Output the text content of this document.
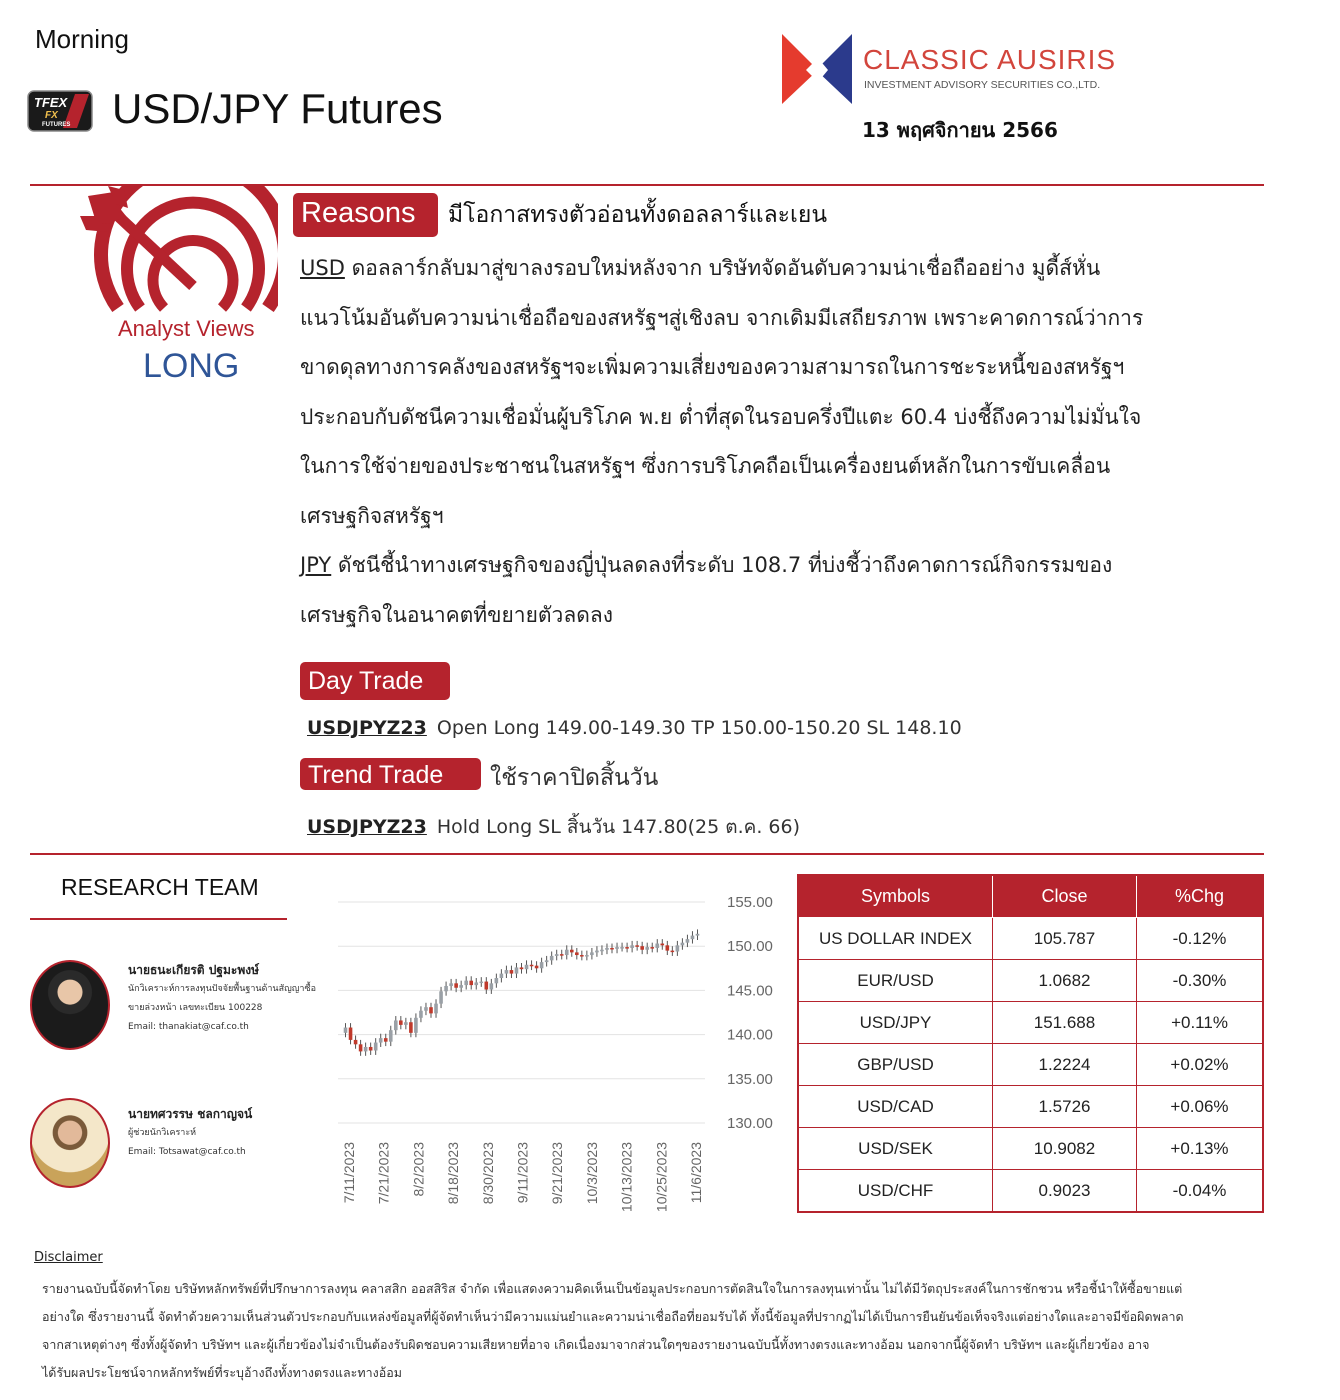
Morning
TFEX
FX
FUTURES USD/JPY Futures
CLASSIC AUSIRIS
INVESTMENT ADVISORY SECURITIES CO.,LTD.
13 พฤศจิกายน 2566
Analyst Views
LONG
Reasons	มีโอกาสทรงตัวอ่อนทั้งดอลลาร์และเยน
USD ดอลลาร์กลับมาสู่ขาลงรอบใหม่หลังจาก บริษัทจัดอันดับความน่าเชื่อถืออย่าง มูดี้ส์หั่น
แนวโน้มอันดับความน่าเชื่อถือของสหรัฐฯสู่เชิงลบ จากเดิมมีเสถียรภาพ เพราะคาดการณ์ว่าการ
ขาดดุลทางการคลังของสหรัฐฯจะเพิ่มความเสี่ยงของความสามารถในการชะระหนี้ของสหรัฐฯ
ประกอบกับดัชนีความเชื่อมั่นผู้บริโภค พ.ย ต่ำที่สุดในรอบครึ่งปีแตะ 60.4 บ่งชี้ถึงความไม่มั่นใจ
ในการใช้จ่ายของประชาชนในสหรัฐฯ ซึ่งการบริโภคถือเป็นเครื่องยนต์หลักในการขับเคลื่อน
เศรษฐกิจสหรัฐฯ
JPY ดัชนีชี้นำทางเศรษฐกิจของญี่ปุ่นลดลงที่ระดับ 108.7 ที่บ่งชี้ว่าถึงคาดการณ์กิจกรรมของ
เศรษฐกิจในอนาคตที่ขยายตัวลดลง
Day Trade
USDJPYZ23 Open Long 149.00-149.30 TP 150.00-150.20 SL 148.10
Trend Trade	ใช้ราคาปิดสิ้นวัน
USDJPYZ23 Hold Long SL สิ้นวัน 147.80(25 ต.ค. 66)
RESEARCH TEAM
นายธนะเกียรติ ปฐมะพงษ์
นักวิเคราะห์การลงทุนปัจจัยพื้นฐานด้านสัญญาซื้อ
ขายล่วงหน้า เลขทะเบียน 100228
Email: thanakiat@caf.co.th
นายทศวรรษ ชลกาญจน์
ผู้ช่วยนักวิเคราะห์
Email: Totsawat@caf.co.th
155.00
150.00
145.00
140.00
135.00
130.00
7/11/2023 7/21/2023 8/2/2023 8/18/2023 8/30/2023 9/11/2023 9/21/2023 10/3/2023 10/13/2023 10/25/2023 11/6/2023
Symbols	Close	%Chg
US DOLLAR INDEX	105.787	-0.12%
EUR/USD	1.0682	-0.30%
USD/JPY	151.688	+0.11%
GBP/USD	1.2224	+0.02%
USD/CAD	1.5726	+0.06%
USD/SEK	10.9082	+0.13%
USD/CHF	0.9023	-0.04%
Disclaimer
รายงานฉบับนี้จัดทำโดย บริษัทหลักทรัพย์ที่ปรึกษาการลงทุน คลาสสิก ออสสิริส จำกัด เพื่อแสดงความคิดเห็นเป็นข้อมูลประกอบการตัดสินใจในการลงทุนเท่านั้น ไม่ได้มีวัตถุประสงค์ในการชักชวน หรือชี้นำให้ซื้อขายแต่
อย่างใด ซึ่งรายงานนี้ จัดทำด้วยความเห็นส่วนตัวประกอบกับแหล่งข้อมูลที่ผู้จัดทำเห็นว่ามีความแม่นยำและความน่าเชื่อถือที่ยอมรับได้ ทั้งนี้ข้อมูลที่ปรากฏไม่ได้เป็นการยืนยันข้อเท็จจริงแต่อย่างใดและอาจมีข้อผิดพลาด
จากสาเหตุต่างๆ ซึ่งทั้งผู้จัดทำ บริษัทฯ และผู้เกี่ยวข้องไม่จำเป็นต้องรับผิดชอบความเสียหายที่อาจ เกิดเนื่องมาจากส่วนใดๆของรายงานฉบับนี้ทั้งทางตรงและทางอ้อม นอกจากนี้ผู้จัดทำ บริษัทฯ และผู้เกี่ยวข้อง อาจ
ได้รับผลประโยชน์จากหลักทรัพย์ที่ระบุอ้างถึงทั้งทางตรงและทางอ้อม
